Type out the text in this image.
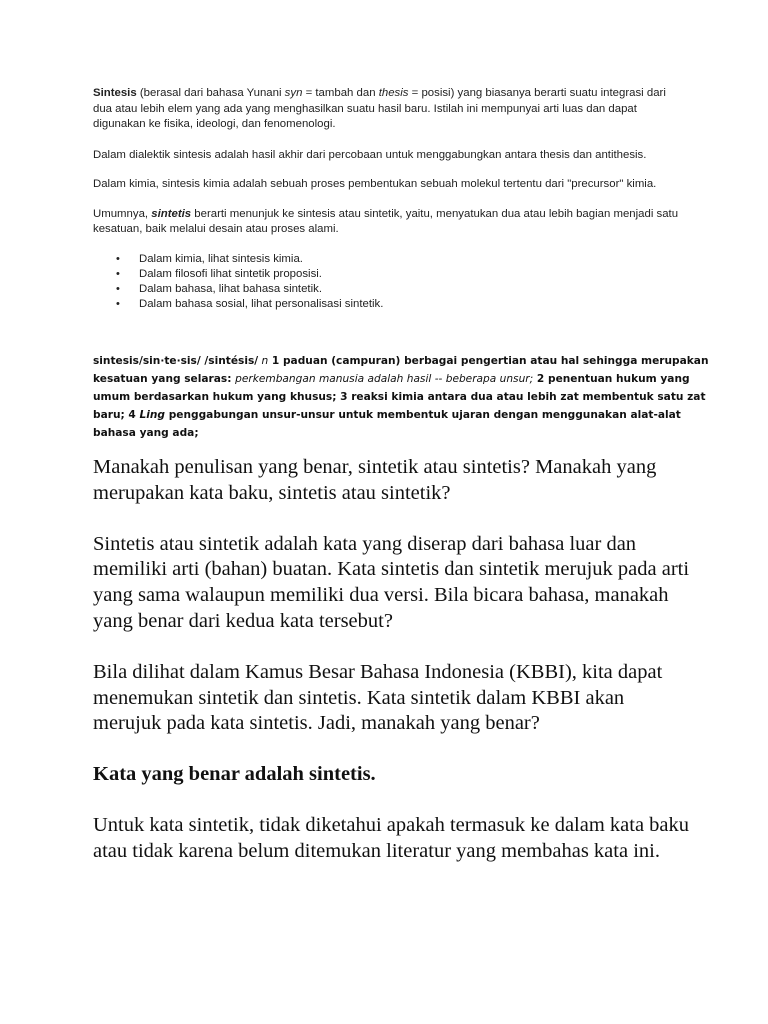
Sintesis (berasal dari bahasa Yunani syn = tambah dan thesis = posisi) yang biasanya berarti suatu integrasi dari dua atau lebih elem yang ada yang menghasilkan suatu hasil baru. Istilah ini mempunyai arti luas dan dapat digunakan ke fisika, ideologi, dan fenomenologi.

Dalam dialektik sintesis adalah hasil akhir dari percobaan untuk menggabungkan antara thesis dan antithesis.

Dalam kimia, sintesis kimia adalah sebuah proses pembentukan sebuah molekul tertentu dari "precursor" kimia.

Umumnya, sintetis berarti menunjuk ke sintesis atau sintetik, yaitu, menyatukan dua atau lebih bagian menjadi satu kesatuan, baik melalui desain atau proses alami.

• Dalam kimia, lihat sintesis kimia.
• Dalam filosofi lihat sintetik proposisi.
• Dalam bahasa, lihat bahasa sintetik.
• Dalam bahasa sosial, lihat personalisasi sintetik.
sintesis/sin·te·sis/ /sintésis/ n 1 paduan (campuran) berbagai pengertian atau hal sehingga merupakan kesatuan yang selaras: perkembangan manusia adalah hasil -- beberapa unsur; 2 penentuan hukum yang umum berdasarkan hukum yang khusus; 3 reaksi kimia antara dua atau lebih zat membentuk satu zat baru; 4 Ling penggabungan unsur-unsur untuk membentuk ujaran dengan menggunakan alat-alat bahasa yang ada;

Manakah penulisan yang benar, sintetik atau sintetis? Manakah yang merupakan kata baku, sintetis atau sintetik?

Sintetis atau sintetik adalah kata yang diserap dari bahasa luar dan memiliki arti (bahan) buatan. Kata sintetis dan sintetik merujuk pada arti yang sama walaupun memiliki dua versi. Bila bicara bahasa, manakah yang benar dari kedua kata tersebut?

Bila dilihat dalam Kamus Besar Bahasa Indonesia (KBBI), kita dapat menemukan sintetik dan sintetis. Kata sintetik dalam KBBI akan merujuk pada kata sintetis. Jadi, manakah yang benar?

Kata yang benar adalah sintetis.

Untuk kata sintetik, tidak diketahui apakah termasuk ke dalam kata baku atau tidak karena belum ditemukan literatur yang membahas kata ini.
